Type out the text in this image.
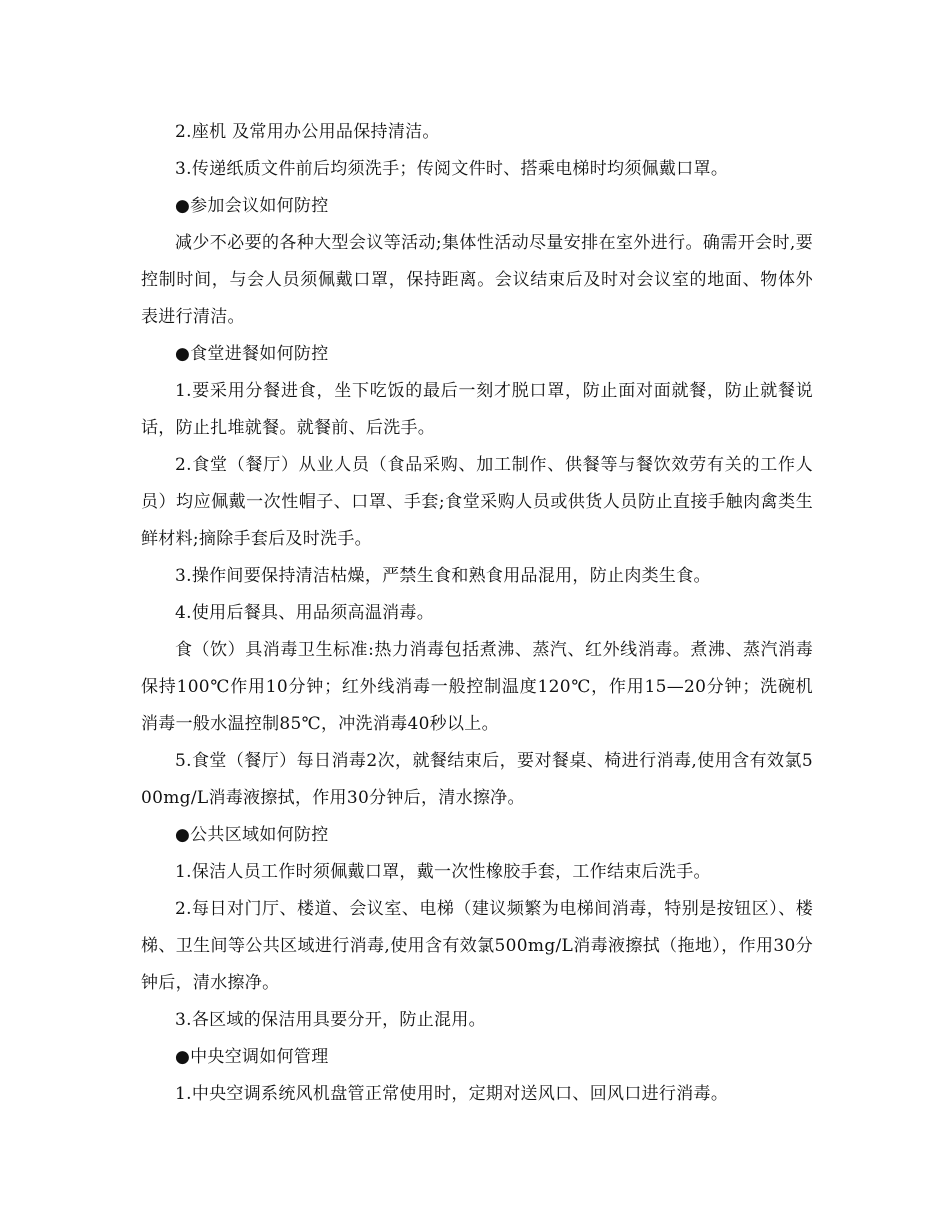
2.座机 及常用办公用品保持清洁。

3.传递纸质文件前后均须洗手；传阅文件时、搭乘电梯时均须佩戴口罩。

●参加会议如何防控

减少不必要的各种大型会议等活动;集体性活动尽量安排在室外进行。确需开会时,要控制时间，与会人员须佩戴口罩，保持距离。会议结束后及时对会议室的地面、物体外表进行清洁。

●食堂进餐如何防控

1.要采用分餐进食，坐下吃饭的最后一刻才脱口罩，防止面对面就餐，防止就餐说话，防止扎堆就餐。就餐前、后洗手。

2.食堂（餐厅）从业人员（食品采购、加工制作、供餐等与餐饮效劳有关的工作人员）均应佩戴一次性帽子、口罩、手套;食堂采购人员或供货人员防止直接手触肉禽类生鲜材料;摘除手套后及时洗手。

3.操作间要保持清洁枯燥，严禁生食和熟食用品混用，防止肉类生食。

4.使用后餐具、用品须高温消毒。

食（饮）具消毒卫生标准:热力消毒包括煮沸、蒸汽、红外线消毒。煮沸、蒸汽消毒保持100℃作用10分钟；红外线消毒一般控制温度120℃，作用15—20分钟；洗碗机消毒一般水温控制85℃，冲洗消毒40秒以上。

5.食堂（餐厅）每日消毒2次，就餐结束后，要对餐桌、椅进行消毒,使用含有效氯500mg/L消毒液擦拭，作用30分钟后，清水擦净。

●公共区域如何防控

1.保洁人员工作时须佩戴口罩，戴一次性橡胶手套，工作结束后洗手。

2.每日对门厅、楼道、会议室、电梯（建议频繁为电梯间消毒，特别是按钮区）、楼梯、卫生间等公共区域进行消毒,使用含有效氯500mg/L消毒液擦拭（拖地），作用30分钟后，清水擦净。

3.各区域的保洁用具要分开，防止混用。

●中央空调如何管理

1.中央空调系统风机盘管正常使用时，定期对送风口、回风口进行消毒。
